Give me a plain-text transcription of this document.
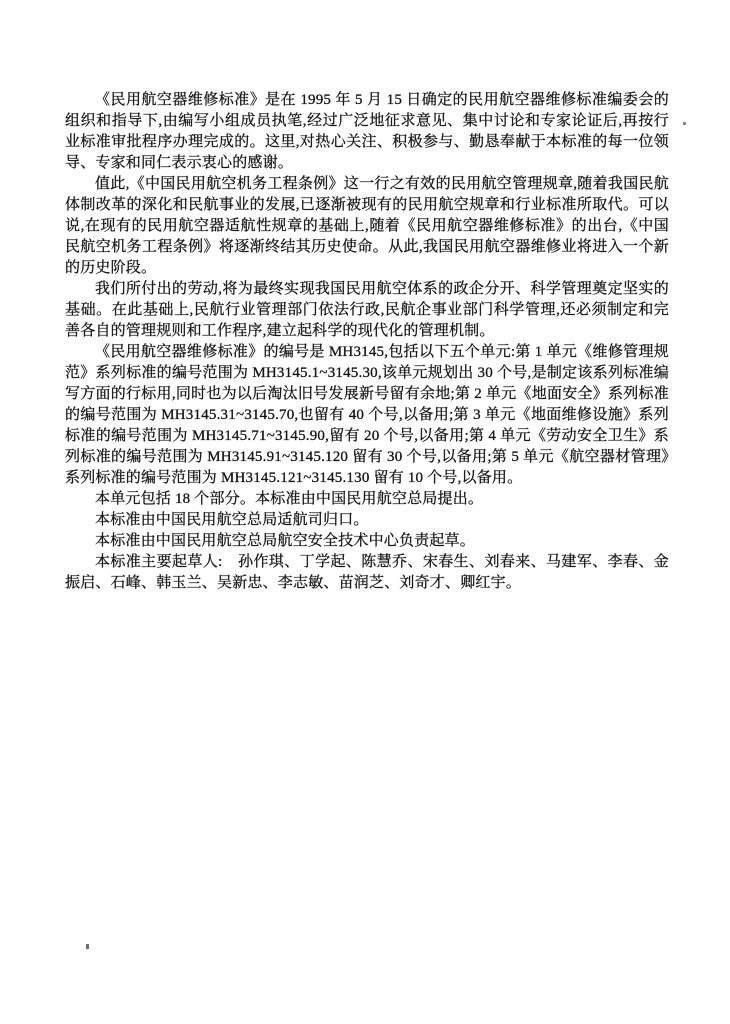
《民用航空器维修标准》是在 1995 年 5 月 15 日确定的民用航空器维修标准编委会的组织和指导下,由编写小组成员执笔,经过广泛地征求意见、集中讨论和专家论证后,再按行业标准审批程序办理完成的。这里,对热心关注、积极参与、勤恳奉献于本标准的每一位领导、专家和同仁表示衷心的感谢。

值此,《中国民用航空机务工程条例》这一行之有效的民用航空管理规章,随着我国民航体制改革的深化和民航事业的发展,已逐渐被现有的民用航空规章和行业标准所取代。可以说,在现有的民用航空器适航性规章的基础上,随着《民用航空器维修标准》的出台,《中国民航空机务工程条例》将逐渐终结其历史使命。从此,我国民用航空器维修业将进入一个新的历史阶段。

我们所付出的劳动,将为最终实现我国民用航空体系的政企分开、科学管理奠定坚实的基础。在此基础上,民航行业管理部门依法行政,民航企事业部门科学管理,还必须制定和完善各自的管理规则和工作程序,建立起科学的现代化的管理机制。

《民用航空器维修标准》的编号是 MH3145,包括以下五个单元:第 1 单元《维修管理规范》系列标准的编号范围为 MH3145.1~3145.30,该单元规划出 30 个号,是制定该系列标准编写方面的行标用,同时也为以后淘汰旧号发展新号留有余地;第 2 单元《地面安全》系列标准的编号范围为 MH3145.31~3145.70,也留有 40 个号,以备用;第 3 单元《地面维修设施》系列标准的编号范围为 MH3145.71~3145.90,留有 20 个号,以备用;第 4 单元《劳动安全卫生》系列标准的编号范围为 MH3145.91~3145.120 留有 30 个号,以备用;第 5 单元《航空器材管理》系列标准的编号范围为 MH3145.121~3145.130 留有 10 个号,以备用。

本单元包括 18 个部分。本标准由中国民用航空总局提出。

本标准由中国民用航空总局适航司归口。

本标准由中国民用航空总局航空安全技术中心负责起草。

本标准主要起草人:　孙作琪、丁学起、陈慧乔、宋春生、刘春来、马建军、李春、金振启、石峰、韩玉兰、吴新忠、李志敏、苗润芝、刘奇才、卿红宇。
